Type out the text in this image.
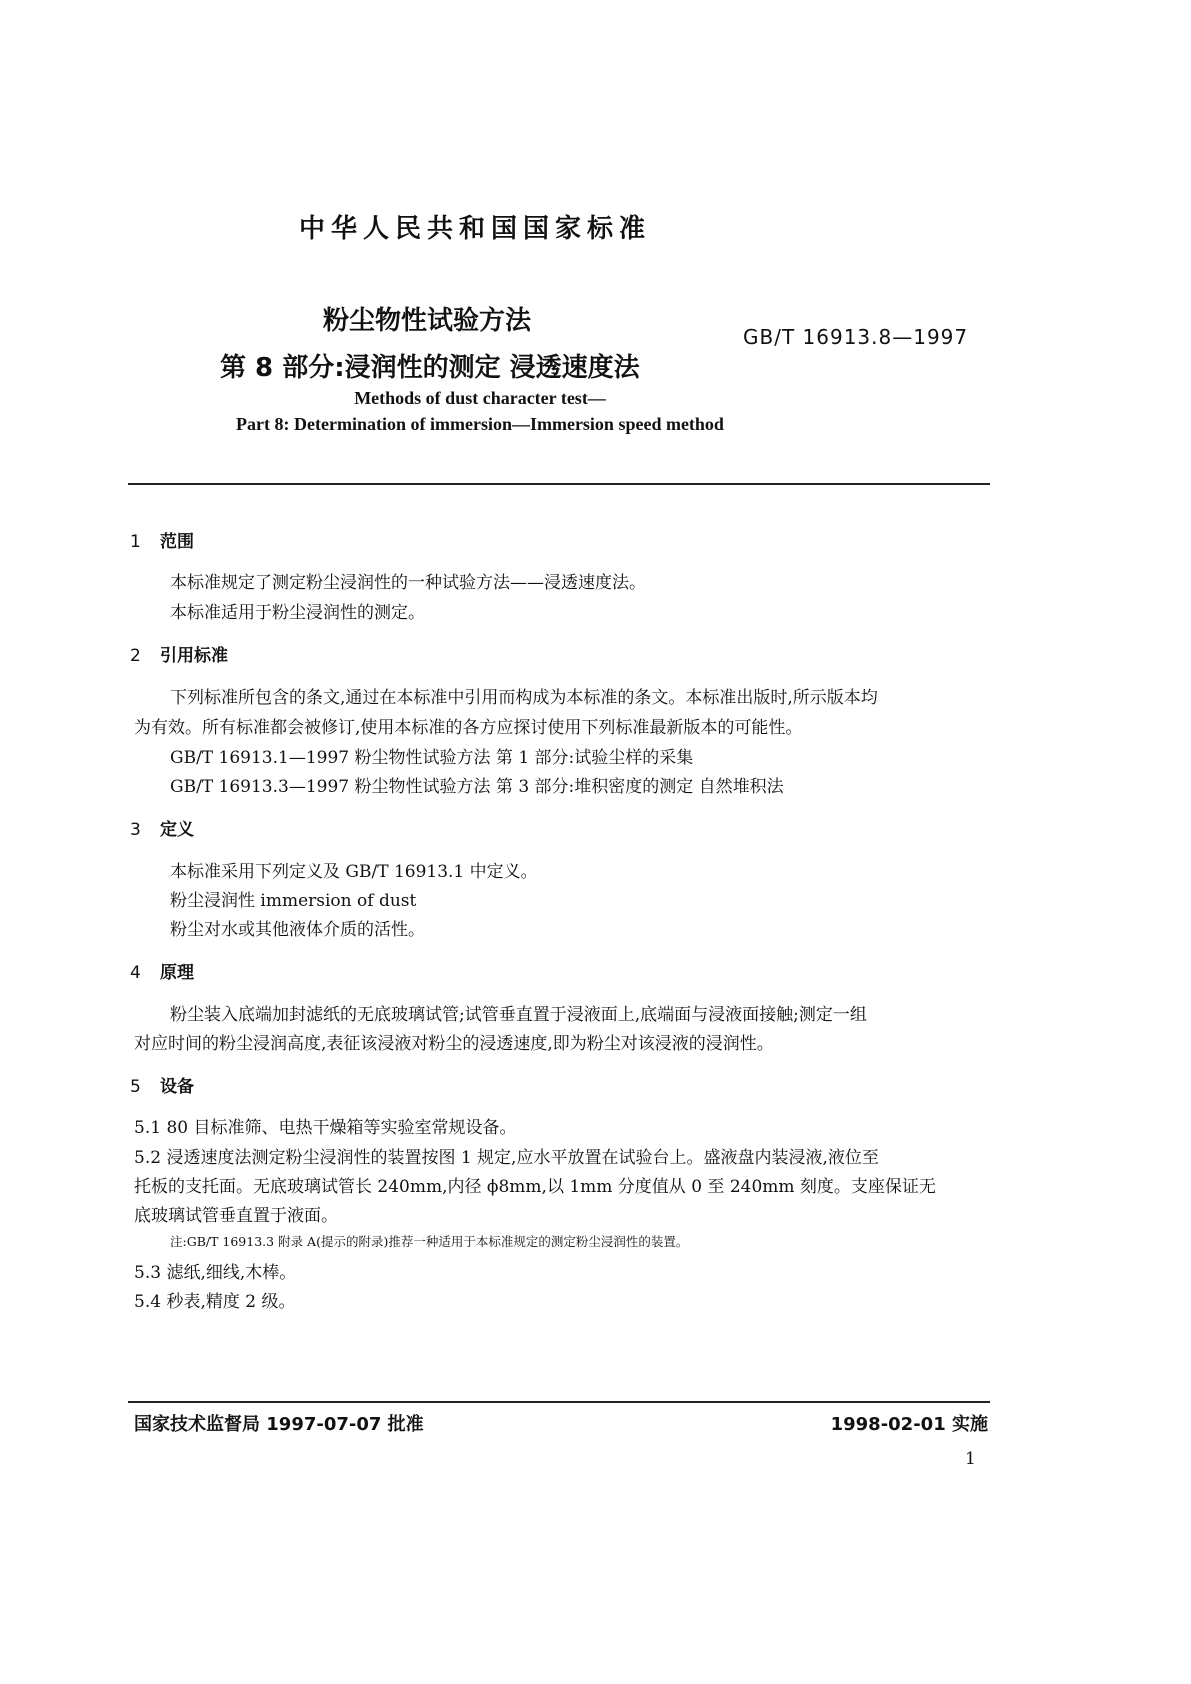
中华人民共和国国家标准
粉尘物性试验方法
第 8 部分:浸润性的测定 浸透速度法
GB/T 16913.8—1997
Methods of dust character test—
Part 8: Determination of immersion—Immersion speed method
1 范围
本标准规定了测定粉尘浸润性的一种试验方法——浸透速度法。
本标准适用于粉尘浸润性的测定。
2 引用标准
下列标准所包含的条文,通过在本标准中引用而构成为本标准的条文。本标准出版时,所示版本均
为有效。所有标准都会被修订,使用本标准的各方应探讨使用下列标准最新版本的可能性。
GB/T 16913.1—1997 粉尘物性试验方法 第 1 部分:试验尘样的采集
GB/T 16913.3—1997 粉尘物性试验方法 第 3 部分:堆积密度的测定 自然堆积法
3 定义
本标准采用下列定义及 GB/T 16913.1 中定义。
粉尘浸润性 immersion of dust
粉尘对水或其他液体介质的活性。
4 原理
粉尘装入底端加封滤纸的无底玻璃试管;试管垂直置于浸液面上,底端面与浸液面接触;测定一组
对应时间的粉尘浸润高度,表征该浸液对粉尘的浸透速度,即为粉尘对该浸液的浸润性。
5 设备
5.1 80 目标准筛、电热干燥箱等实验室常规设备。
5.2 浸透速度法测定粉尘浸润性的装置按图 1 规定,应水平放置在试验台上。盛液盘内装浸液,液位至
托板的支托面。无底玻璃试管长 240mm,内径 ϕ8mm,以 1mm 分度值从 0 至 240mm 刻度。支座保证无
底玻璃试管垂直置于液面。
注:GB/T 16913.3 附录 A(提示的附录)推荐一种适用于本标准规定的测定粉尘浸润性的装置。
5.3 滤纸,细线,木棒。
5.4 秒表,精度 2 级。
国家技术监督局 1997-07-07 批准	1998-02-01 实施
1
